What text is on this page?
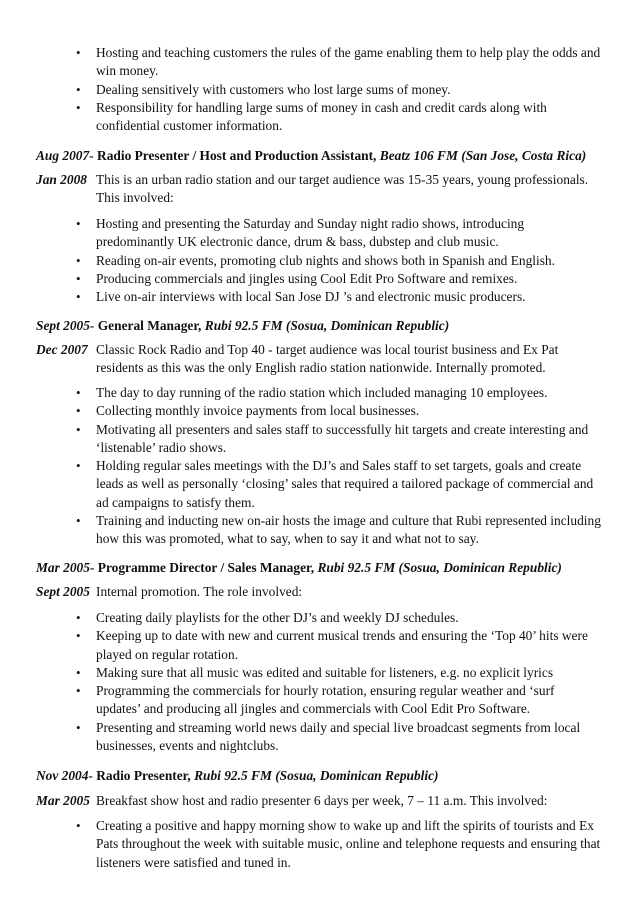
• Hosting and teaching customers the rules of the game enabling them to help play the odds and win money.
• Dealing sensitively with customers who lost large sums of money.
• Responsibility for handling large sums of money in cash and credit cards along with confidential customer information.
Aug 2007- Radio Presenter / Host and Production Assistant, Beatz 106 FM (San Jose, Costa Rica)
Jan 2008 This is an urban radio station and our target audience was 15-35 years, young professionals. This involved:
• Hosting and presenting the Saturday and Sunday night radio shows, introducing predominantly UK electronic dance, drum & bass, dubstep and club music.
• Reading on-air events, promoting club nights and shows both in Spanish and English.
• Producing commercials and jingles using Cool Edit Pro Software and remixes.
• Live on-air interviews with local San Jose DJ ’s and electronic music producers.
Sept 2005- General Manager, Rubi 92.5 FM (Sosua, Dominican Republic)
Dec 2007 Classic Rock Radio and Top 40 - target audience was local tourist business and Ex Pat residents as this was the only English radio station nationwide. Internally promoted.
• The day to day running of the radio station which included managing 10 employees.
• Collecting monthly invoice payments from local businesses.
• Motivating all presenters and sales staff to successfully hit targets and create interesting and ‘listenable’ radio shows.
• Holding regular sales meetings with the DJ’s and Sales staff to set targets, goals and create leads as well as personally ‘closing’ sales that required a tailored package of commercial and ad campaigns to satisfy them.
• Training and inducting new on-air hosts the image and culture that Rubi represented including how this was promoted, what to say, when to say it and what not to say.
Mar 2005- Programme Director / Sales Manager, Rubi 92.5 FM (Sosua, Dominican Republic)
Sept 2005 Internal promotion. The role involved:
• Creating daily playlists for the other DJ’s and weekly DJ schedules.
• Keeping up to date with new and current musical trends and ensuring the ‘Top 40’ hits were played on regular rotation.
• Making sure that all music was edited and suitable for listeners, e.g. no explicit lyrics
• Programming the commercials for hourly rotation, ensuring regular weather and ‘surf updates’ and producing all jingles and commercials with Cool Edit Pro Software.
• Presenting and streaming world news daily and special live broadcast segments from local businesses, events and nightclubs.
Nov 2004- Radio Presenter, Rubi 92.5 FM (Sosua, Dominican Republic)
Mar 2005 Breakfast show host and radio presenter 6 days per week, 7 – 11 a.m. This involved:
• Creating a positive and happy morning show to wake up and lift the spirits of tourists and Ex Pats throughout the week with suitable music, online and telephone requests and ensuring that listeners were satisfied and tuned in.
